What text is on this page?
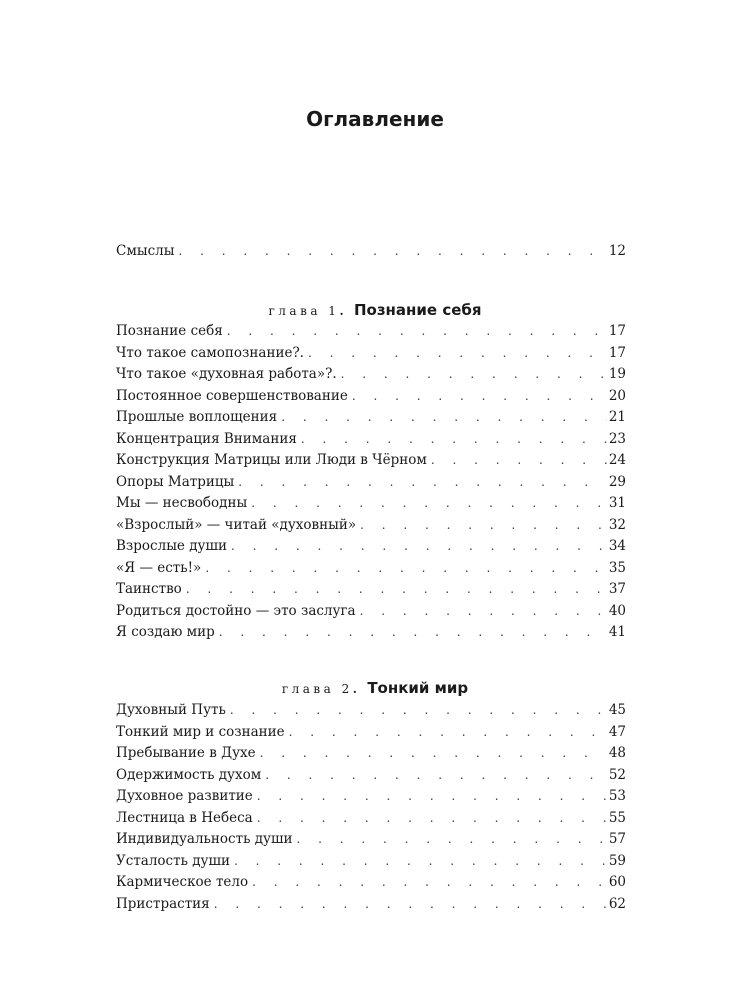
Оглавление
Смыслы . . .	12
глава 1. Познание себя
Познание себя . . .	17
Что такое самопознание?. . . .	17
Что такое «духовная работа»?. . . .	19
Постоянное совершенствование . . .	20
Прошлые воплощения . . .	21
Концентрация Внимания . . .	23
Конструкция Матрицы или Люди в Чёрном . . .	24
Опоры Матрицы . . .	29
Мы — несвободны . . .	31
«Взрослый» — читай «духовный» . . .	32
Взрослые души . . .	34
«Я — есть!» . . .	35
Таинство . . .	37
Родиться достойно — это заслуга . . .	40
Я создаю мир . . .	41
глава 2. Тонкий мир
Духовный Путь . . .	45
Тонкий мир и сознание . . .	47
Пребывание в Духе . . .	48
Одержимость духом . . .	52
Духовное развитие . . .	53
Лестница в Небеса . . .	55
Индивидуальность души . . .	57
Усталость души . . .	59
Кармическое тело . . .	60
Пристрастия . . .	62
